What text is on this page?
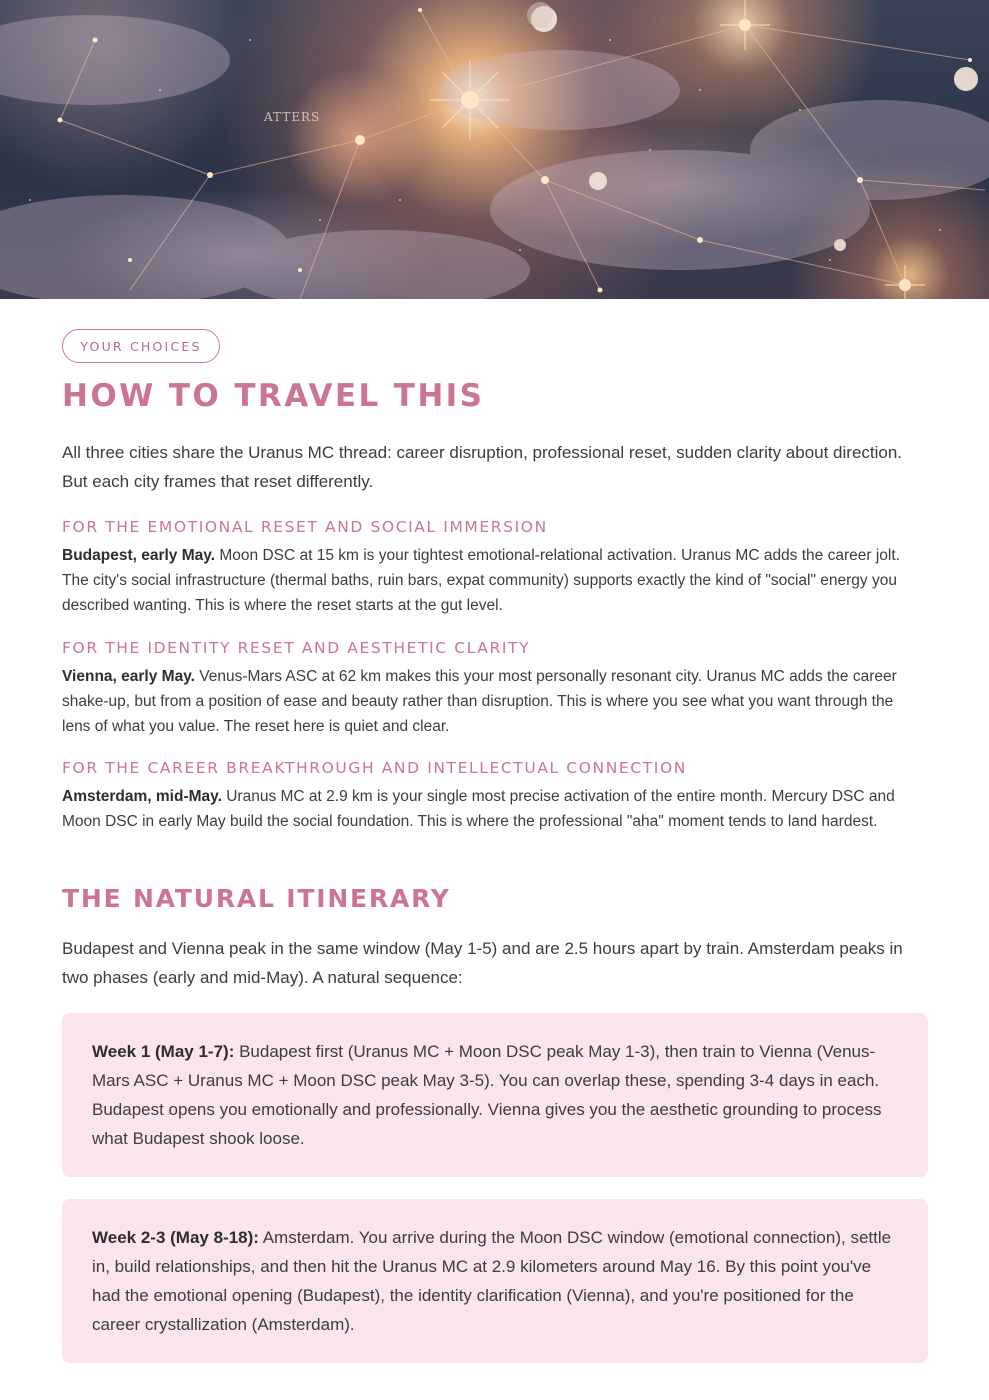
ATTERS
YOUR CHOICES
HOW TO TRAVEL THIS

All three cities share the Uranus MC thread: career disruption, professional reset, sudden clarity about direction. But each city frames that reset differently.

FOR THE EMOTIONAL RESET AND SOCIAL IMMERSION

Budapest, early May. Moon DSC at 15 km is your tightest emotional-relational activation. Uranus MC adds the career jolt. The city's social infrastructure (thermal baths, ruin bars, expat community) supports exactly the kind of "social" energy you described wanting. This is where the reset starts at the gut level.

FOR THE IDENTITY RESET AND AESTHETIC CLARITY

Vienna, early May. Venus-Mars ASC at 62 km makes this your most personally resonant city. Uranus MC adds the career shake-up, but from a position of ease and beauty rather than disruption. This is where you see what you want through the lens of what you value. The reset here is quiet and clear.

FOR THE CAREER BREAKTHROUGH AND INTELLECTUAL CONNECTION

Amsterdam, mid-May. Uranus MC at 2.9 km is your single most precise activation of the entire month. Mercury DSC and Moon DSC in early May build the social foundation. This is where the professional "aha" moment tends to land hardest.

THE NATURAL ITINERARY

Budapest and Vienna peak in the same window (May 1-5) and are 2.5 hours apart by train. Amsterdam peaks in two phases (early and mid-May). A natural sequence:

Week 1 (May 1-7): Budapest first (Uranus MC + Moon DSC peak May 1-3), then train to Vienna (Venus-Mars ASC + Uranus MC + Moon DSC peak May 3-5). You can overlap these, spending 3-4 days in each. Budapest opens you emotionally and professionally. Vienna gives you the aesthetic grounding to process what Budapest shook loose.

Week 2-3 (May 8-18): Amsterdam. You arrive during the Moon DSC window (emotional connection), settle in, build relationships, and then hit the Uranus MC at 2.9 kilometers around May 16. By this point you've had the emotional opening (Budapest), the identity clarification (Vienna), and you're positioned for the career crystallization (Amsterdam).
